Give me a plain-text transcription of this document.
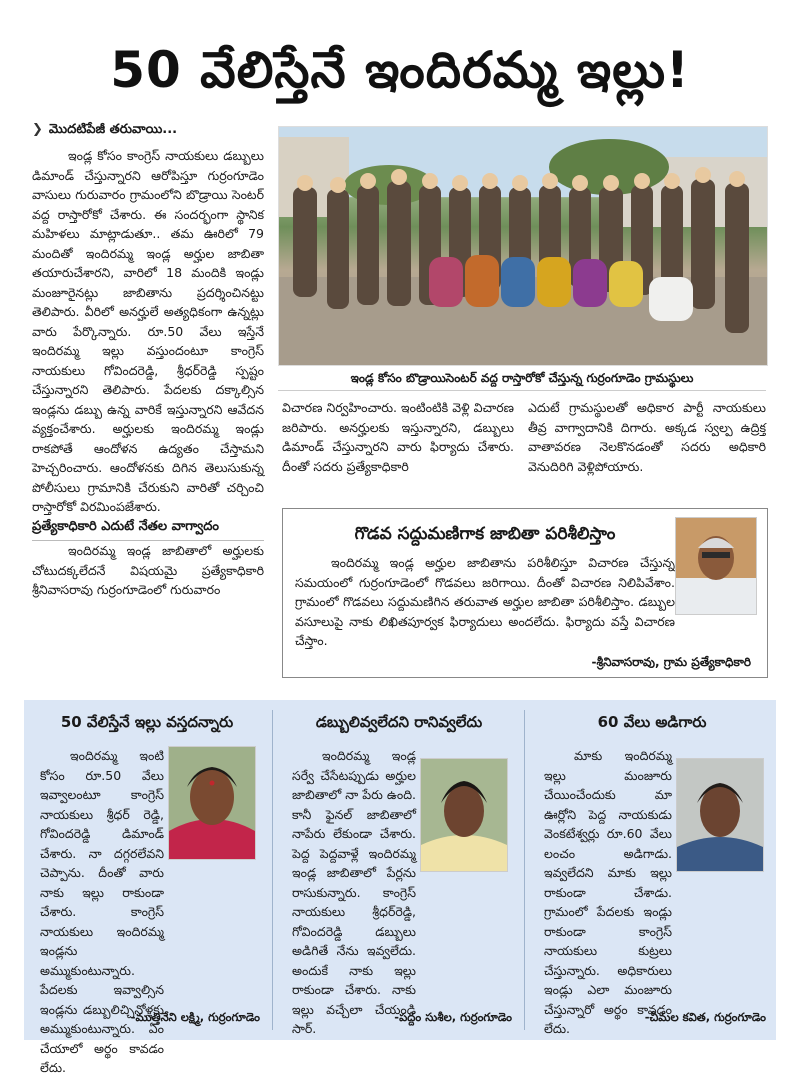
50 వేలిస్తేనే ఇందిరమ్మ ఇల్లు!
❯ మొదటిపేజీ తరువాయి...

ఇండ్ల కోసం కాంగ్రెస్ నాయకులు డబ్బులు డిమాండ్ చేస్తున్నారని ఆరోపిస్తూ గుర్రంగూడెం వాసులు గురువారం గ్రామంలోని బొడ్రాయి సెంటర్ వద్ద రాస్తారోకో చేశారు. ఈ సందర్భంగా స్థానిక మహిళలు మాట్లాడుతూ.. తమ ఊరిలో 79 మందితో ఇందిరమ్మ ఇండ్ల అర్హుల జాబితా తయారుచేశారని, వారిలో 18 మందికి ఇండ్లు మంజూరైనట్లు జాబితాను ప్రదర్శించినట్టు తెలిపారు. వీరిలో అనర్హులే అత్యధికంగా ఉన్నట్లు వారు పేర్కొన్నారు. రూ.50 వేలు ఇస్తేనే ఇందిరమ్మ ఇల్లు వస్తుందంటూ కాంగ్రెస్ నాయకులు గోవిందరెడ్డి, శ్రీధర్‌రెడ్డి స్పష్టం చేస్తున్నారని తెలిపారు. పేదలకు దక్కాల్సిన ఇండ్లను డబ్బు ఉన్న వారికే ఇస్తున్నారని ఆవేదన వ్యక్తంచేశారు. అర్హులకు ఇందిరమ్మ ఇండ్లు రాకపోతే ఆందోళన ఉద్యతం చేస్తామని హెచ్చరించారు. ఆందోళనకు దిగిన తెలుసుకున్న పోలీసులు గ్రామానికి చేరుకుని వారితో చర్చించి రాస్తారోకో విరమింపజేశారు.

ప్రత్యేకాధికారి ఎదుటే నేతల వాగ్వాదం

ఇందిరమ్మ ఇండ్ల జాబితాలో అర్హులకు చోటుదక్కలేదనే విషయమై ప్రత్యేకాధికారి శ్రీనివాసరావు గుర్రంగూడెంలో గురువారం

ఇండ్ల కోసం బొడ్రాయిసెంటర్ వద్ద రాస్తారోకో చేస్తున్న గుర్రంగూడెం గ్రామస్థులు

విచారణ నిర్వహించారు. ఇంటింటికి వెళ్లి విచారణ జరిపారు. అనర్హులకు ఇస్తున్నారని, డబ్బులు డిమాండ్ చేస్తున్నారని వారు ఫిర్యాదు చేశారు. దీంతో సదరు ప్రత్యేకాధికారి

ఎదుటే గ్రామస్థులతో అధికార పార్టీ నాయకులు తీవ్ర వాగ్వాదానికి దిగారు. అక్కడ స్వల్ప ఉద్రిక్త వాతావరణ నెలకొనడంతో సదరు అధికారి వెనుదిరిగి వెళ్లిపోయారు.

గొడవ సద్దుమణిగాక జాబితా పరిశీలిస్తాం

ఇందిరమ్మ ఇండ్ల అర్హుల జాబితాను పరిశీలిస్తూ విచారణ చేస్తున్న సమయంలో గుర్రంగూడెంలో గొడవలు జరిగాయి. దీంతో విచారణ నిలిపివేశాం. గ్రామంలో గొడవలు సద్దుమణిగిన తరువాత అర్హుల జాబితా పరిశీలిస్తాం. డబ్బుల వసూలుపై నాకు లిఖితపూర్వక ఫిర్యాదులు అందలేదు. ఫిర్యాదు వస్తే విచారణ చేస్తాం.

-శ్రీనివాసరావు, గ్రామ ప్రత్యేకాధికారి
50 వేలిస్తేనే ఇల్లు వస్తదన్నారు

ఇందిరమ్మ ఇంటి కోసం రూ.50 వేలు ఇవ్వాలంటూ కాంగ్రెస్ నాయకులు శ్రీధర్ రెడ్డి, గోవిందరెడ్డి డిమాండ్ చేశారు. నా దగ్గరలేవని చెప్పాను. దీంతో వారు నాకు ఇల్లు రాకుండా చేశారు. కాంగ్రెస్ నాయకులు ఇందిరమ్మ ఇండ్లను అమ్ముకుంటున్నారు. పేదలకు ఇవ్వాల్సిన ఇండ్లను డబ్బులిచ్చినోళ్లకు అమ్ముకుంటున్నారు. ఏం చేయాలో అర్థం కావడం లేదు.

-ముత్తినేని లక్ష్మి, గుర్రంగూడెం
డబ్బులివ్వలేదని రానివ్వలేదు

ఇందిరమ్మ ఇండ్ల సర్వే చేసేటప్పుడు అర్హుల జాబితాలో నా పేరు ఉంది. కానీ ఫైనల్ జాబితాలో నాపేరు లేకుండా చేశారు. పెద్ద పెద్దవాళ్లే ఇందిరమ్మ ఇండ్ల జాబితాలో పేర్లను రాసుకున్నారు. కాంగ్రెస్ నాయకులు శ్రీధర్‌రెడ్డి, గోవిందరెడ్డి డబ్బులు అడిగితే నేను ఇవ్వలేదు. అందుకే నాకు ఇల్లు రాకుండా చేశారు. నాకు ఇల్లు వచ్చేలా చేయండి సార్.

-పద్దం సుశీల, గుర్రంగూడెం
60 వేలు అడిగారు

మాకు ఇందిరమ్మ ఇల్లు మంజూరు చేయించేందుకు మా ఊర్లోని పెద్ద నాయకుడు వెంకటేశ్వర్లు రూ.60 వేలు లంచం అడిగాడు. ఇవ్వలేదని మాకు ఇల్లు రాకుండా చేశాడు. గ్రామంలో పేదలకు ఇండ్లు రాకుండా కాంగ్రెస్ నాయకులు కుట్రలు చేస్తున్నారు. అధికారులు ఇండ్లు ఎలా మంజూరు చేస్తున్నారో అర్థం కావడం లేదు.

-చీమల కవిత, గుర్రంగూడెం
